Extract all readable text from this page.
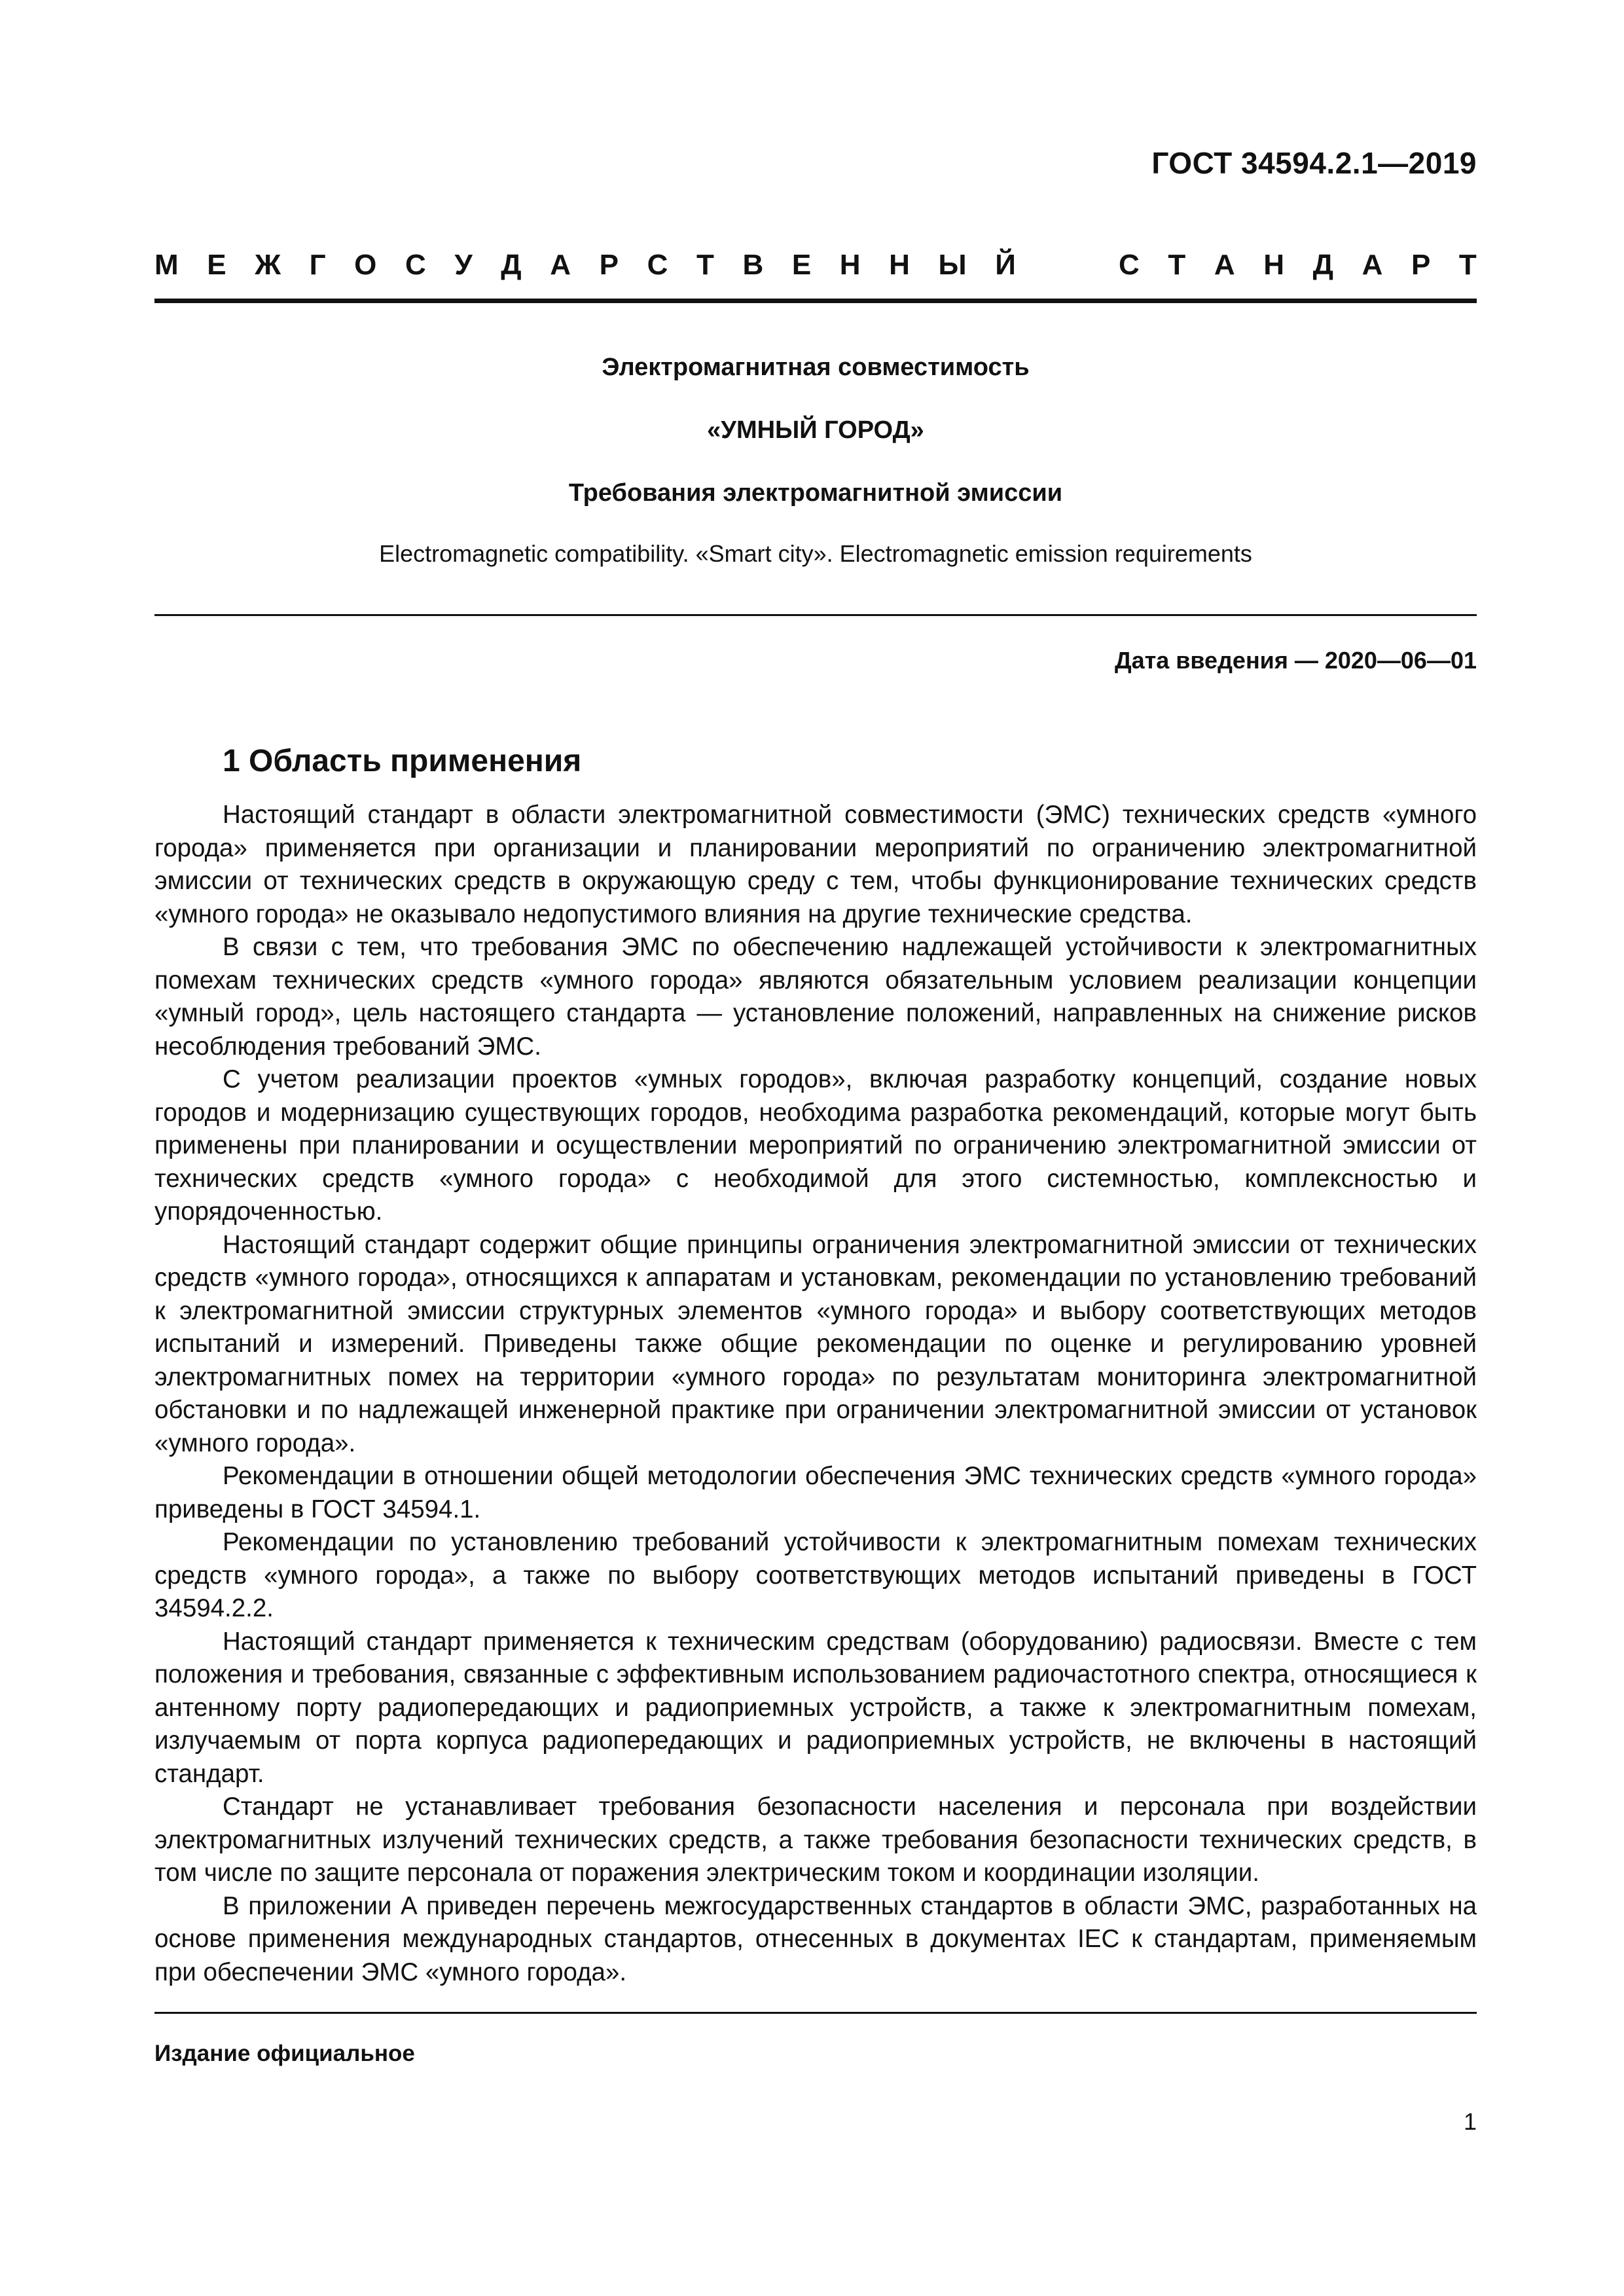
ГОСТ 34594.2.1—2019
М Е Ж Г О С У Д А Р С Т В Е Н Н Ы Й	С Т А Н Д А Р Т

Электромагнитная совместимость

«УМНЫЙ ГОРОД»

Требования электромагнитной эмиссии

Electromagnetic compatibility. «Smart city». Electromagnetic emission requirements

Дата введения — 2020—06—01
1 Область применения

Настоящий стандарт в области электромагнитной совместимости (ЭМС) технических средств «умного города» применяется при организации и планировании мероприятий по ограничению электромагнитной эмиссии от технических средств в окружающую среду с тем, чтобы функционирование технических средств «умного города» не оказывало недопустимого влияния на другие технические средства.

В связи с тем, что требования ЭМС по обеспечению надлежащей устойчивости к электромагнитных помехам технических средств «умного города» являются обязательным условием реализации концепции «умный город», цель настоящего стандарта — установление положений, направленных на снижение рисков несоблюдения требований ЭМС.

С учетом реализации проектов «умных городов», включая разработку концепций, создание новых городов и модернизацию существующих городов, необходима разработка рекомендаций, которые могут быть применены при планировании и осуществлении мероприятий по ограничению электромагнитной эмиссии от технических средств «умного города» с необходимой для этого системностью, комплексностью и упорядоченностью.

Настоящий стандарт содержит общие принципы ограничения электромагнитной эмиссии от технических средств «умного города», относящихся к аппаратам и установкам, рекомендации по установлению требований к электромагнитной эмиссии структурных элементов «умного города» и выбору соответствующих методов испытаний и измерений. Приведены также общие рекомендации по оценке и регулированию уровней электромагнитных помех на территории «умного города» по результатам мониторинга электромагнитной обстановки и по надлежащей инженерной практике при ограничении электромагнитной эмиссии от установок «умного города».

Рекомендации в отношении общей методологии обеспечения ЭМС технических средств «умного города» приведены в ГОСТ 34594.1.

Рекомендации по установлению требований устойчивости к электромагнитным помехам технических средств «умного города», а также по выбору соответствующих методов испытаний приведены в ГОСТ 34594.2.2.

Настоящий стандарт применяется к техническим средствам (оборудованию) радиосвязи. Вместе с тем положения и требования, связанные с эффективным использованием радиочастотного спектра, относящиеся к антенному порту радиопередающих и радиоприемных устройств, а также к электромагнитным помехам, излучаемым от порта корпуса радиопередающих и радиоприемных устройств, не включены в настоящий стандарт.

Стандарт не устанавливает требования безопасности населения и персонала при воздействии электромагнитных излучений технических средств, а также требования безопасности технических средств, в том числе по защите персонала от поражения электрическим током и координации изоляции.

В приложении А приведен перечень межгосударственных стандартов в области ЭМС, разработанных на основе применения международных стандартов, отнесенных в документах IEC к стандартам, применяемым при обеспечении ЭМС «умного города».

Издание официальное
1
